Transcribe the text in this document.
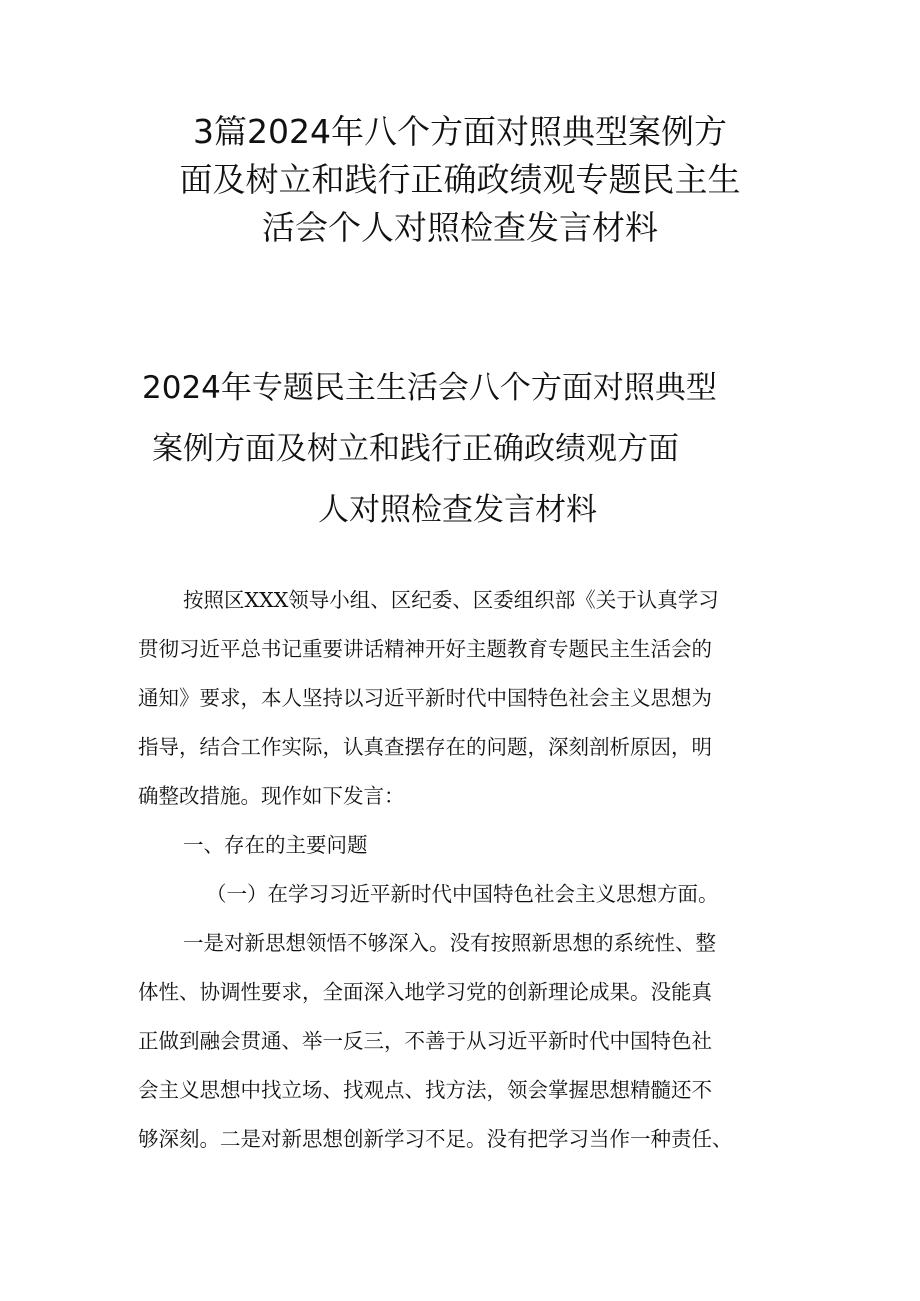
3篇2024年八个方面对照典型案例方
面及树立和践行正确政绩观专题民主生
活会个人对照检查发言材料
2024年专题民主生活会八个方面对照典型
案例方面及树立和践行正确政绩观方面
人对照检查发言材料
按照区XXX领导小组、区纪委、区委组织部《关于认真学习
贯彻习近平总书记重要讲话精神开好主题教育专题民主生活会的
通知》要求，本人坚持以习近平新时代中国特色社会主义思想为
指导，结合工作实际，认真查摆存在的问题，深刻剖析原因，明
确整改措施。现作如下发言：
一、存在的主要问题
（一）在学习习近平新时代中国特色社会主义思想方面。
一是对新思想领悟不够深入。没有按照新思想的系统性、整
体性、协调性要求，全面深入地学习党的创新理论成果。没能真
正做到融会贯通、举一反三，不善于从习近平新时代中国特色社
会主义思想中找立场、找观点、找方法，领会掌握思想精髓还不
够深刻。二是对新思想创新学习不足。没有把学习当作一种责任、
